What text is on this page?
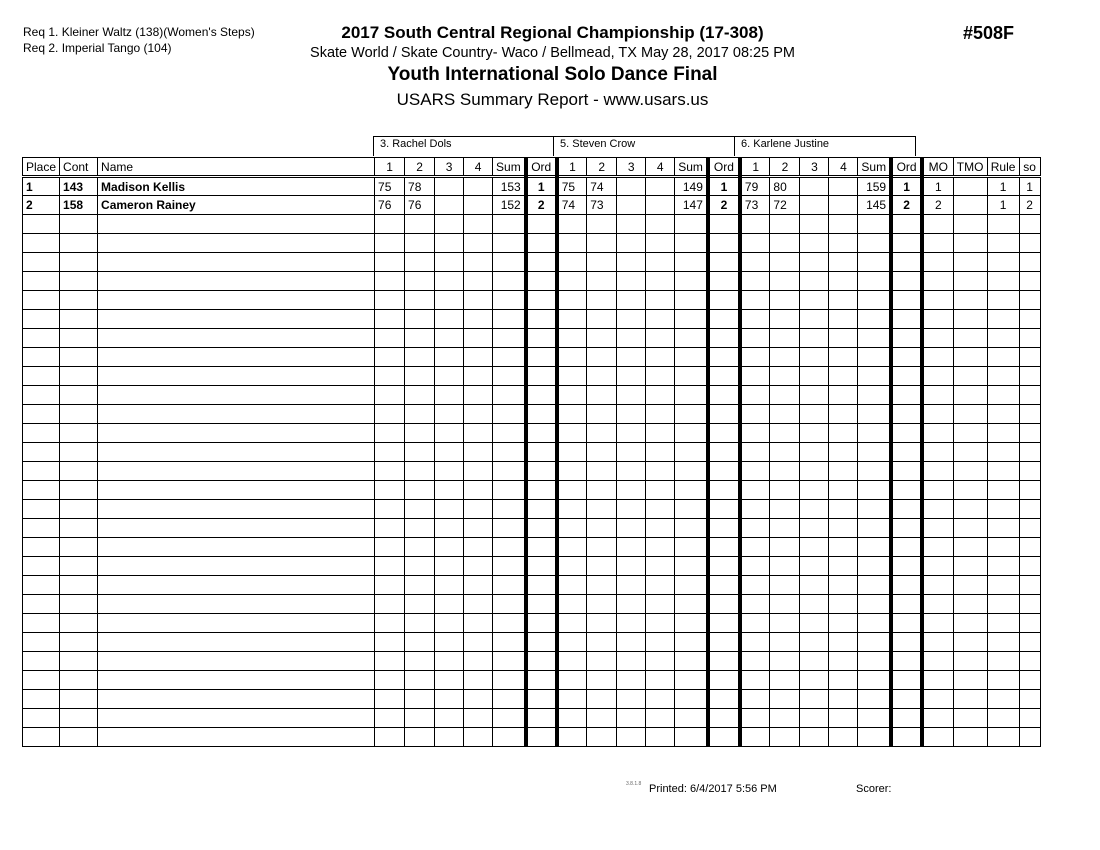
Req 1. Kleiner Waltz (138)(Women's Steps)
Req 2. Imperial Tango (104)
2017 South Central Regional Championship (17-308)
Skate World / Skate Country- Waco / Bellmead, TX May 28, 2017 08:25 PM
Youth International Solo Dance Final
USARS Summary Report - www.usars.us
#508F
3. Rachel Dols	5. Steven Crow	6. Karlene Justine
Place	Cont	Name	1	2	3	4	Sum	Ord	1	2	3	4	Sum	Ord	1	2	3	4	Sum	Ord	MO	TMO	Rule	so
1	143	Madison Kellis	75	78			153	1	75	74			149	1	79	80			159	1	1		1	1
2	158	Cameron Rainey	76	76			152	2	74	73			147	2	73	72			145	2	2		1	2

3.8.1.8 Printed: 6/4/2017 5:56 PM	Scorer:
